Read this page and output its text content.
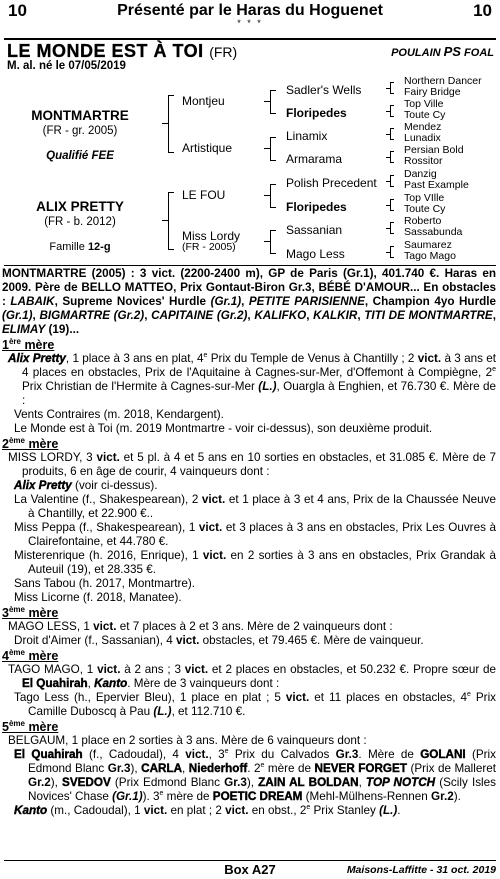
10	Présenté par le Haras du Hoguenet	10
* * *
LE MONDE EST À TOI (FR)	POULAIN PS FOAL
M. al. né le 07/05/2019
MONTMARTRE
(FR - gr. 2005)
Qualifié FEE
ALIX PRETTY
(FR - b. 2012)
Famille 12-g
Montjeu
Artistique
LE FOU
Miss Lordy
(FR - 2005)
Sadler's Wells
Floripedes
Linamix
Armarama
Polish Precedent
Floripedes
Sassanian
Mago Less
Northern Dancer
Fairy Bridge
Top Ville
Toute Cy
Mendez
Lunadix
Persian Bold
Rossitor
Danzig
Past Example
Top VIlle
Toute Cy
Roberto
Sassabunda
Saumarez
Tago Mago

MONTMARTRE (2005) : 3 vict. (2200-2400 m), GP de Paris (Gr.1), 401.740 €. Haras en 2009. Père de BELLO MATTEO, Prix Gontaut-Biron Gr.3, BÉBÉ D'AMOUR... En obstacles : LABAIK, Supreme Novices' Hurdle (Gr.1), PETITE PARISIENNE, Champion 4yo Hurdle (Gr.1), BIGMARTRE (Gr.2), CAPITAINE (Gr.2), KALIFKO, KALKIR, TITI DE MONTMARTRE, ELIMAY (19)...

1ère mère

Alix Pretty, 1 place à 3 ans en plat, 4e Prix du Temple de Venus à Chantilly ; 2 vict. à 3 ans et 4 places en obstacles, Prix de l'Aquitaine à Cagnes-sur-Mer, d'Offemont à Compiègne, 2e Prix Christian de l'Hermite à Cagnes-sur-Mer (L.), Ouargla à Enghien, et 76.730 €. Mère de :

Vents Contraires (m. 2018, Kendargent).

Le Monde est à Toi (m. 2019 Montmartre - voir ci-dessus), son deuxième produit.

2ème mère

MISS LORDY, 3 vict. et 5 pl. à 4 et 5 ans en 10 sorties en obstacles, et 31.085 €. Mère de 7 produits, 6 en âge de courir, 4 vainqueurs dont :

Alix Pretty (voir ci-dessus).

La Valentine (f., Shakespearean), 2 vict. et 1 place à 3 et 4 ans, Prix de la Chaussée Neuve à Chantilly, et 22.900 €..

Miss Peppa (f., Shakespearean), 1 vict. et 3 places à 3 ans en obstacles, Prix Les Ouvres à Clairefontaine, et 44.780 €.

Misterenrique (h. 2016, Enrique), 1 vict. en 2 sorties à 3 ans en obstacles, Prix Grandak à Auteuil (19), et 28.335 €.

Sans Tabou (h. 2017, Montmartre).

Miss Licorne (f. 2018, Manatee).

3ème mère

MAGO LESS, 1 vict. et 7 places à 2 et 3 ans. Mère de 2 vainqueurs dont :

Droit d'Aimer (f., Sassanian), 4 vict. obstacles, et 79.465 €. Mère de vainqueur.

4ème mère

TAGO MAGO, 1 vict. à 2 ans ; 3 vict. et 2 places en obstacles, et 50.232 €. Propre sœur de El Quahirah, Kanto. Mère de 3 vainqueurs dont :

Tago Less (h., Epervier Bleu), 1 place en plat ; 5 vict. et 11 places en obstacles, 4e Prix Camille Duboscq à Pau (L.), et 112.710 €.

5ème mère

BELGAUM, 1 place en 2 sorties à 3 ans. Mère de 6 vainqueurs dont :

El Quahirah (f., Cadoudal), 4 vict., 3e Prix du Calvados Gr.3. Mère de GOLANI (Prix Edmond Blanc Gr.3), CARLA, Niederhoff. 2e mère de NEVER FORGET (Prix de Malleret Gr.2), SVEDOV (Prix Edmond Blanc Gr.3), ZAIN AL BOLDAN, TOP NOTCH (Scily Isles Novices' Chase (Gr.1)). 3e mère de POETIC DREAM (Mehl-Mülhens-Rennen Gr.2).

Kanto (m., Cadoudal), 1 vict. en plat ; 2 vict. en obst., 2e Prix Stanley (L.).

Box A27	Maisons-Laffitte - 31 oct. 2019
